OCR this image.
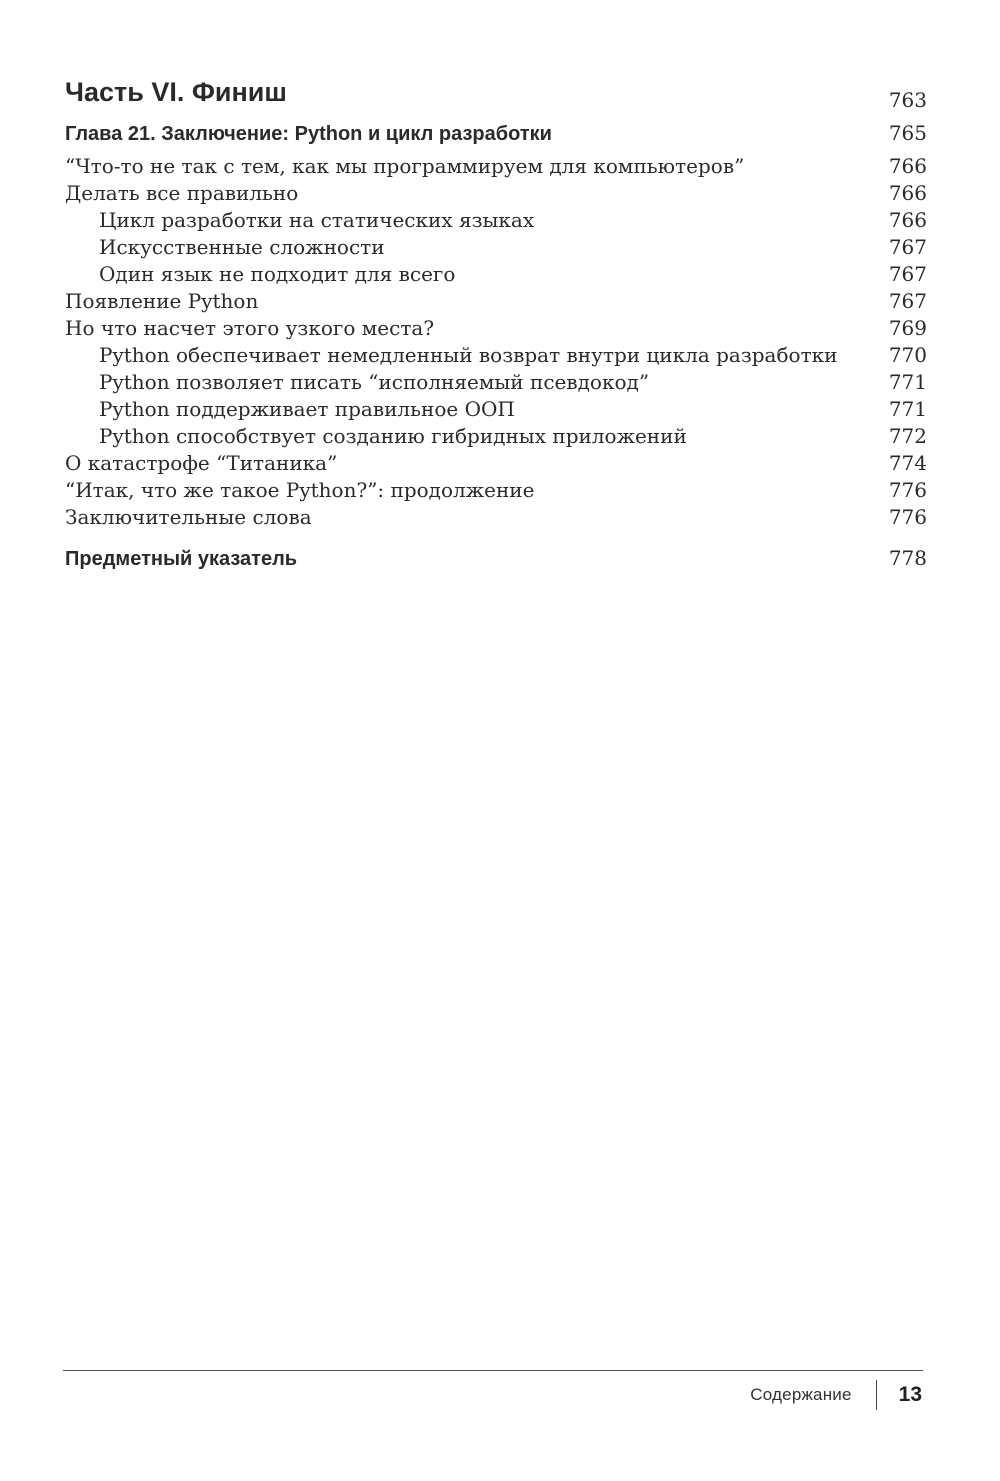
Часть VI. Финиш	763
Глава 21. Заключение: Python и цикл разработки	765
“Что-то не так с тем, как мы программируем для компьютеров”	766
Делать все правильно	766
Цикл разработки на статических языках	766
Искусственные сложности	767
Один язык не подходит для всего	767
Появление Python	767
Но что насчет этого узкого места?	769
Python обеспечивает немедленный возврат внутри цикла разработки	770
Python позволяет писать “исполняемый псевдокод”	771
Python поддерживает правильное ООП	771
Python способствует созданию гибридных приложений	772
О катастрофе “Титаника”	774
“Итак, что же такое Python?”: продолжение	776
Заключительные слова	776
Предметный указатель	778
Содержание 13
